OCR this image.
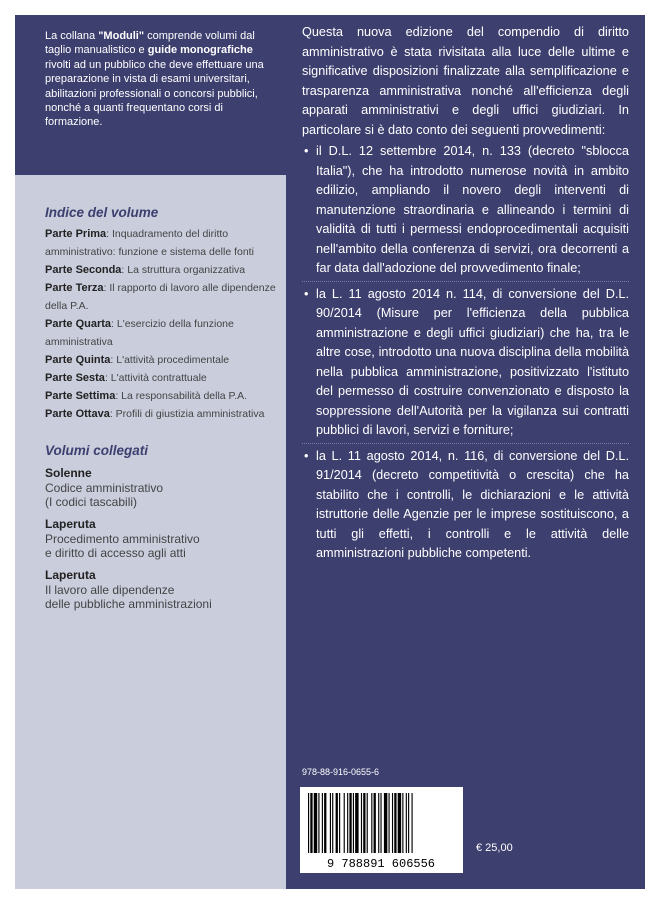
La collana "Moduli" comprende volumi dal taglio manualistico e guide monografiche rivolti ad un pubblico che deve effettuare una preparazione in vista di esami universitari, abilitazioni professionali o concorsi pubblici, nonché a quanti frequentano corsi di formazione.
Indice del volume
Parte Prima: Inquadramento del diritto amministrativo: funzione e sistema delle fonti
Parte Seconda: La struttura organizzativa
Parte Terza: Il rapporto di lavoro alle dipendenze della P.A.
Parte Quarta: L'esercizio della funzione amministrativa
Parte Quinta: L'attività procedimentale
Parte Sesta: L'attività contrattuale
Parte Settima: La responsabilità della P.A.
Parte Ottava: Profili di giustizia amministrativa
Volumi collegati
Solenne
Codice amministrativo
(I codici tascabili)
Laperuta
Procedimento amministrativo
e diritto di accesso agli atti
Laperuta
Il lavoro alle dipendenze
delle pubbliche amministrazioni

Questa nuova edizione del compendio di diritto amministrativo è stata rivisitata alla luce delle ultime e significative disposizioni finalizzate alla semplificazione e trasparenza amministrativa nonché all'efficienza degli apparati amministrativi e degli uffici giudiziari. In particolare si è dato conto dei seguenti provvedimenti:

• il D.L. 12 settembre 2014, n. 133 (decreto "sblocca Italia"), che ha introdotto numerose novità in ambito edilizio, ampliando il novero degli interventi di manutenzione straordinaria e allineando i termini di validità di tutti i permessi endoprocedimentali acquisiti nell'ambito della conferenza di servizi, ora decorrenti a far data dall'adozione del provvedimento finale;
• la L. 11 agosto 2014 n. 114, di conversione del D.L. 90/2014 (Misure per l'efficienza della pubblica amministrazione e degli uffici giudiziari) che ha, tra le altre cose, introdotto una nuova disciplina della mobilità nella pubblica amministrazione, positivizzato l'istituto del permesso di costruire convenzionato e disposto la soppressione dell'Autorità per la vigilanza sui contratti pubblici di lavori, servizi e forniture;
• la L. 11 agosto 2014, n. 116, di conversione del D.L. 91/2014 (decreto competitività o crescita) che ha stabilito che i controlli, le dichiarazioni e le attività istruttorie delle Agenzie per le imprese sostituiscono, a tutti gli effetti, i controlli e le attività delle amministrazioni pubbliche competenti.
978-88-916-0655-6
9 788891 606556
€ 25,00
